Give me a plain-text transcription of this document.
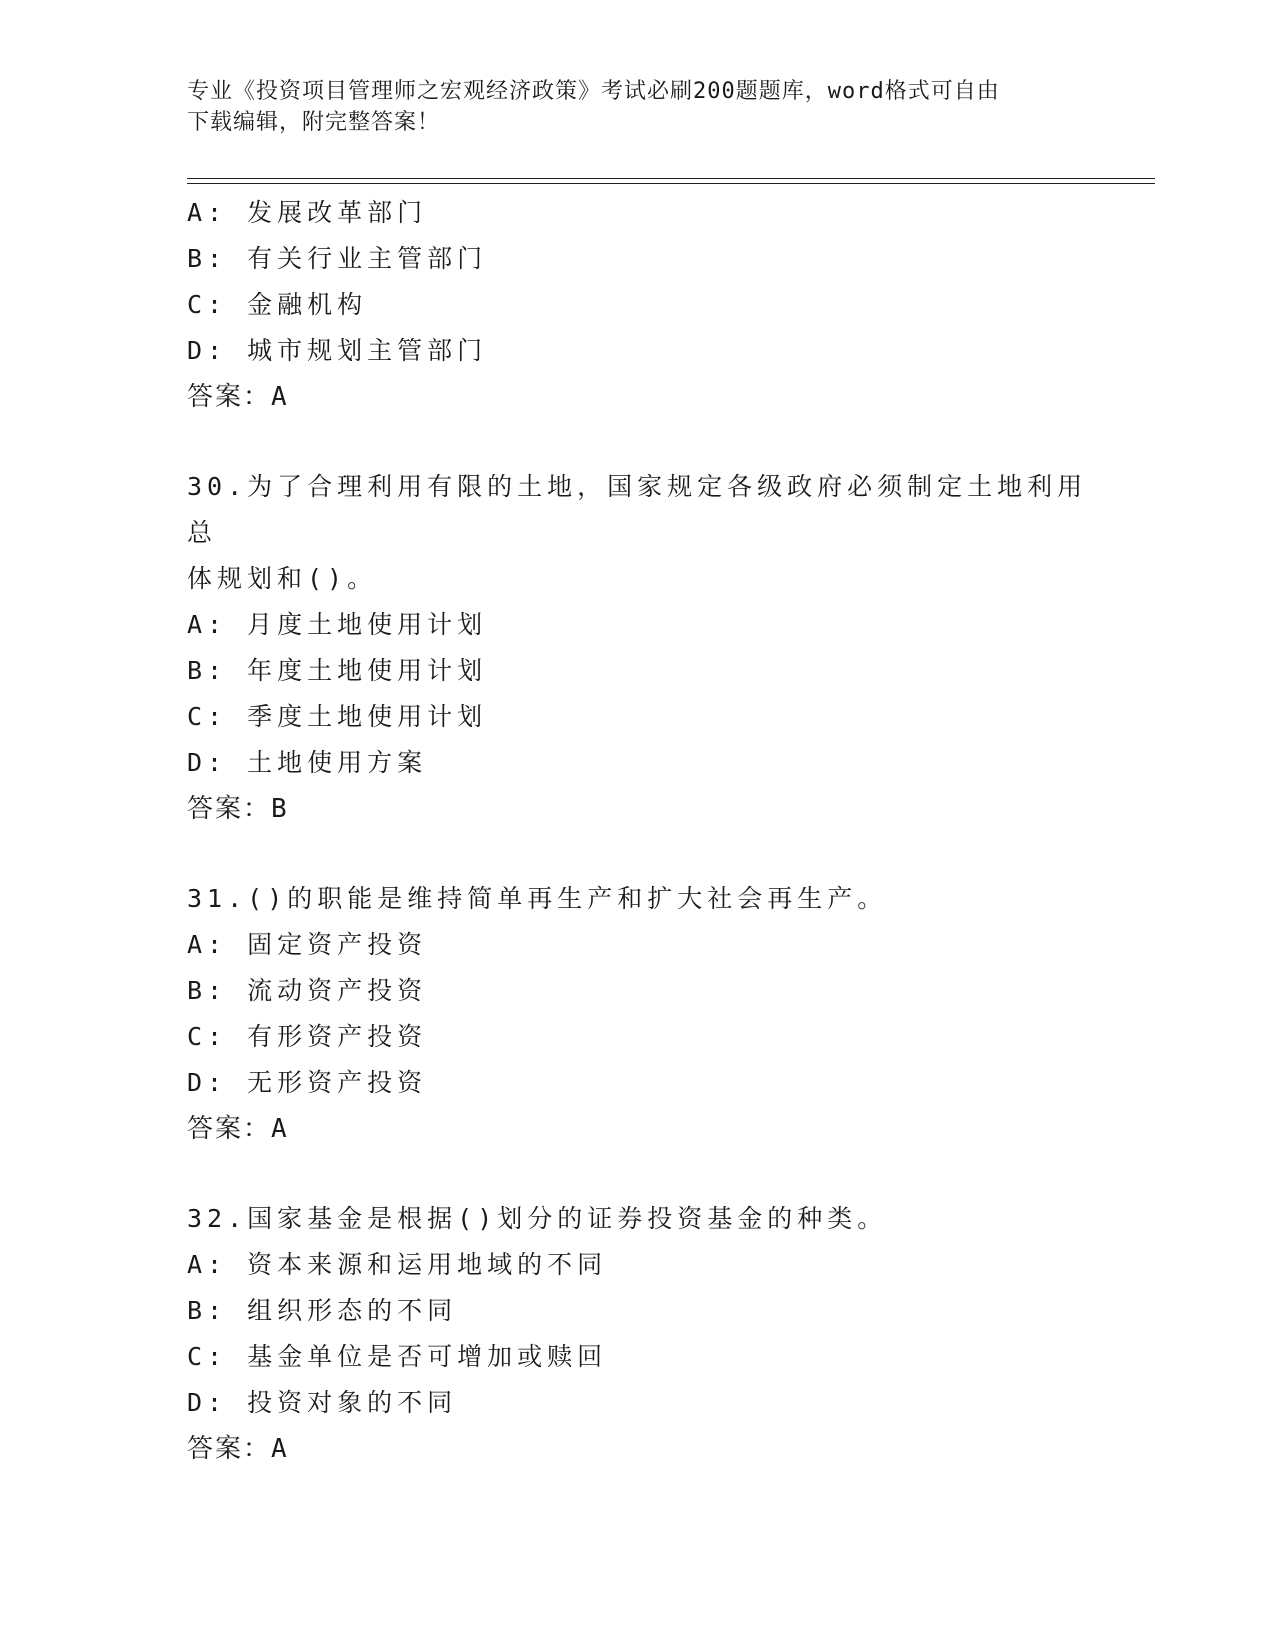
专业《投资项目管理师之宏观经济政策》考试必刷200题题库，word格式可自由
下载编辑，附完整答案！
A: 发展改革部门
B: 有关行业主管部门
C: 金融机构
D: 城市规划主管部门
答案：A
30.为了合理利用有限的土地，国家规定各级政府必须制定土地利用总
体规划和()。
A: 月度土地使用计划
B: 年度土地使用计划
C: 季度土地使用计划
D: 土地使用方案
答案：B
31.()的职能是维持简单再生产和扩大社会再生产。
A: 固定资产投资
B: 流动资产投资
C: 有形资产投资
D: 无形资产投资
答案：A
32.国家基金是根据()划分的证券投资基金的种类。
A: 资本来源和运用地域的不同
B: 组织形态的不同
C: 基金单位是否可增加或赎回
D: 投资对象的不同
答案：A
